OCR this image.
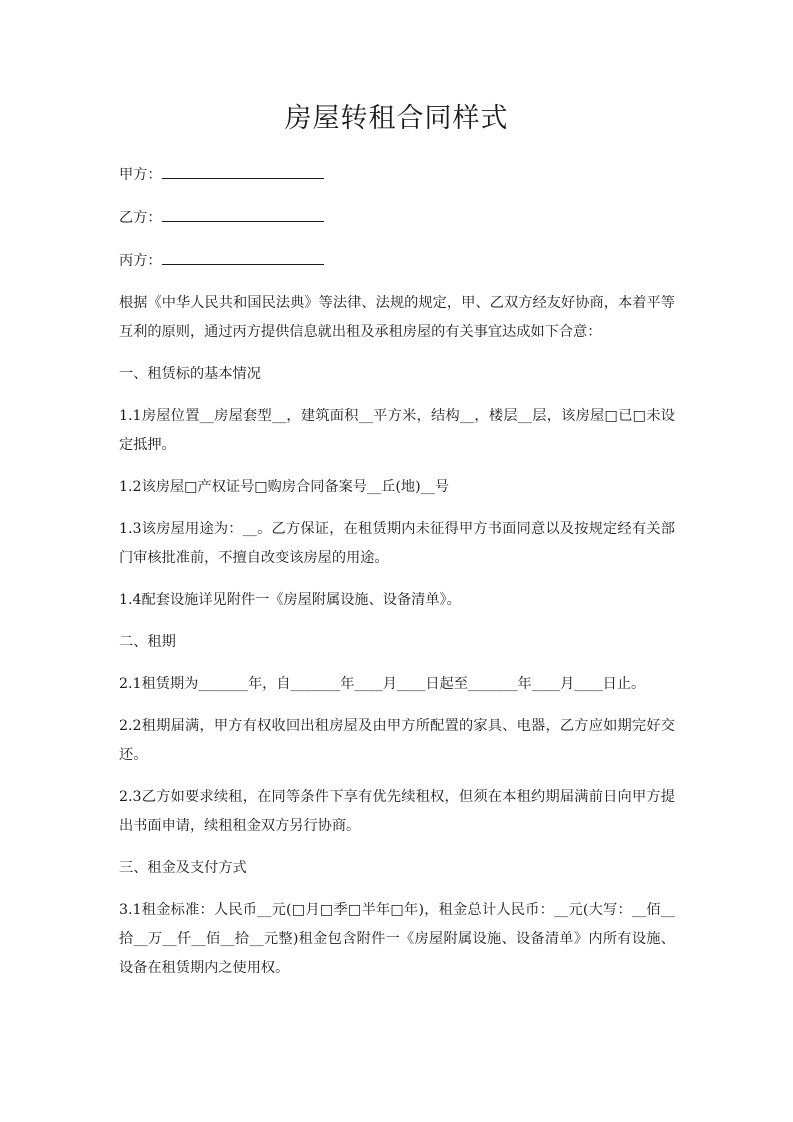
房屋转租合同样式
甲方：
乙方：
丙方：

根据《中华人民共和国民法典》等法律、法规的规定，甲、乙双方经友好协商，本着平等互利的原则，通过丙方提供信息就出租及承租房屋的有关事宜达成如下合意：

一、租赁标的基本情况

1.1房屋位置__房屋套型__，建筑面积__平方米，结构__，楼层__层，该房屋□已□未设定抵押。

1.2该房屋□产权证号□购房合同备案号__丘(地)__号

1.3该房屋用途为：__。乙方保证，在租赁期内未征得甲方书面同意以及按规定经有关部门审核批准前，不擅自改变该房屋的用途。

1.4配套设施详见附件一《房屋附属设施、设备清单》。

二、租期

2.1租赁期为_______年，自_______年____月____日起至_______年____月____日止。

2.2租期届满，甲方有权收回出租房屋及由甲方所配置的家具、电器，乙方应如期完好交还。

2.3乙方如要求续租，在同等条件下享有优先续租权，但须在本租约期届满前日向甲方提出书面申请，续租租金双方另行协商。

三、租金及支付方式

3.1租金标准：人民币__元(□月□季□半年□年)，租金总计人民币：__元(大写：__佰__拾__万__仟__佰__拾__元整)租金包含附件一《房屋附属设施、设备清单》内所有设施、设备在租赁期内之使用权。
